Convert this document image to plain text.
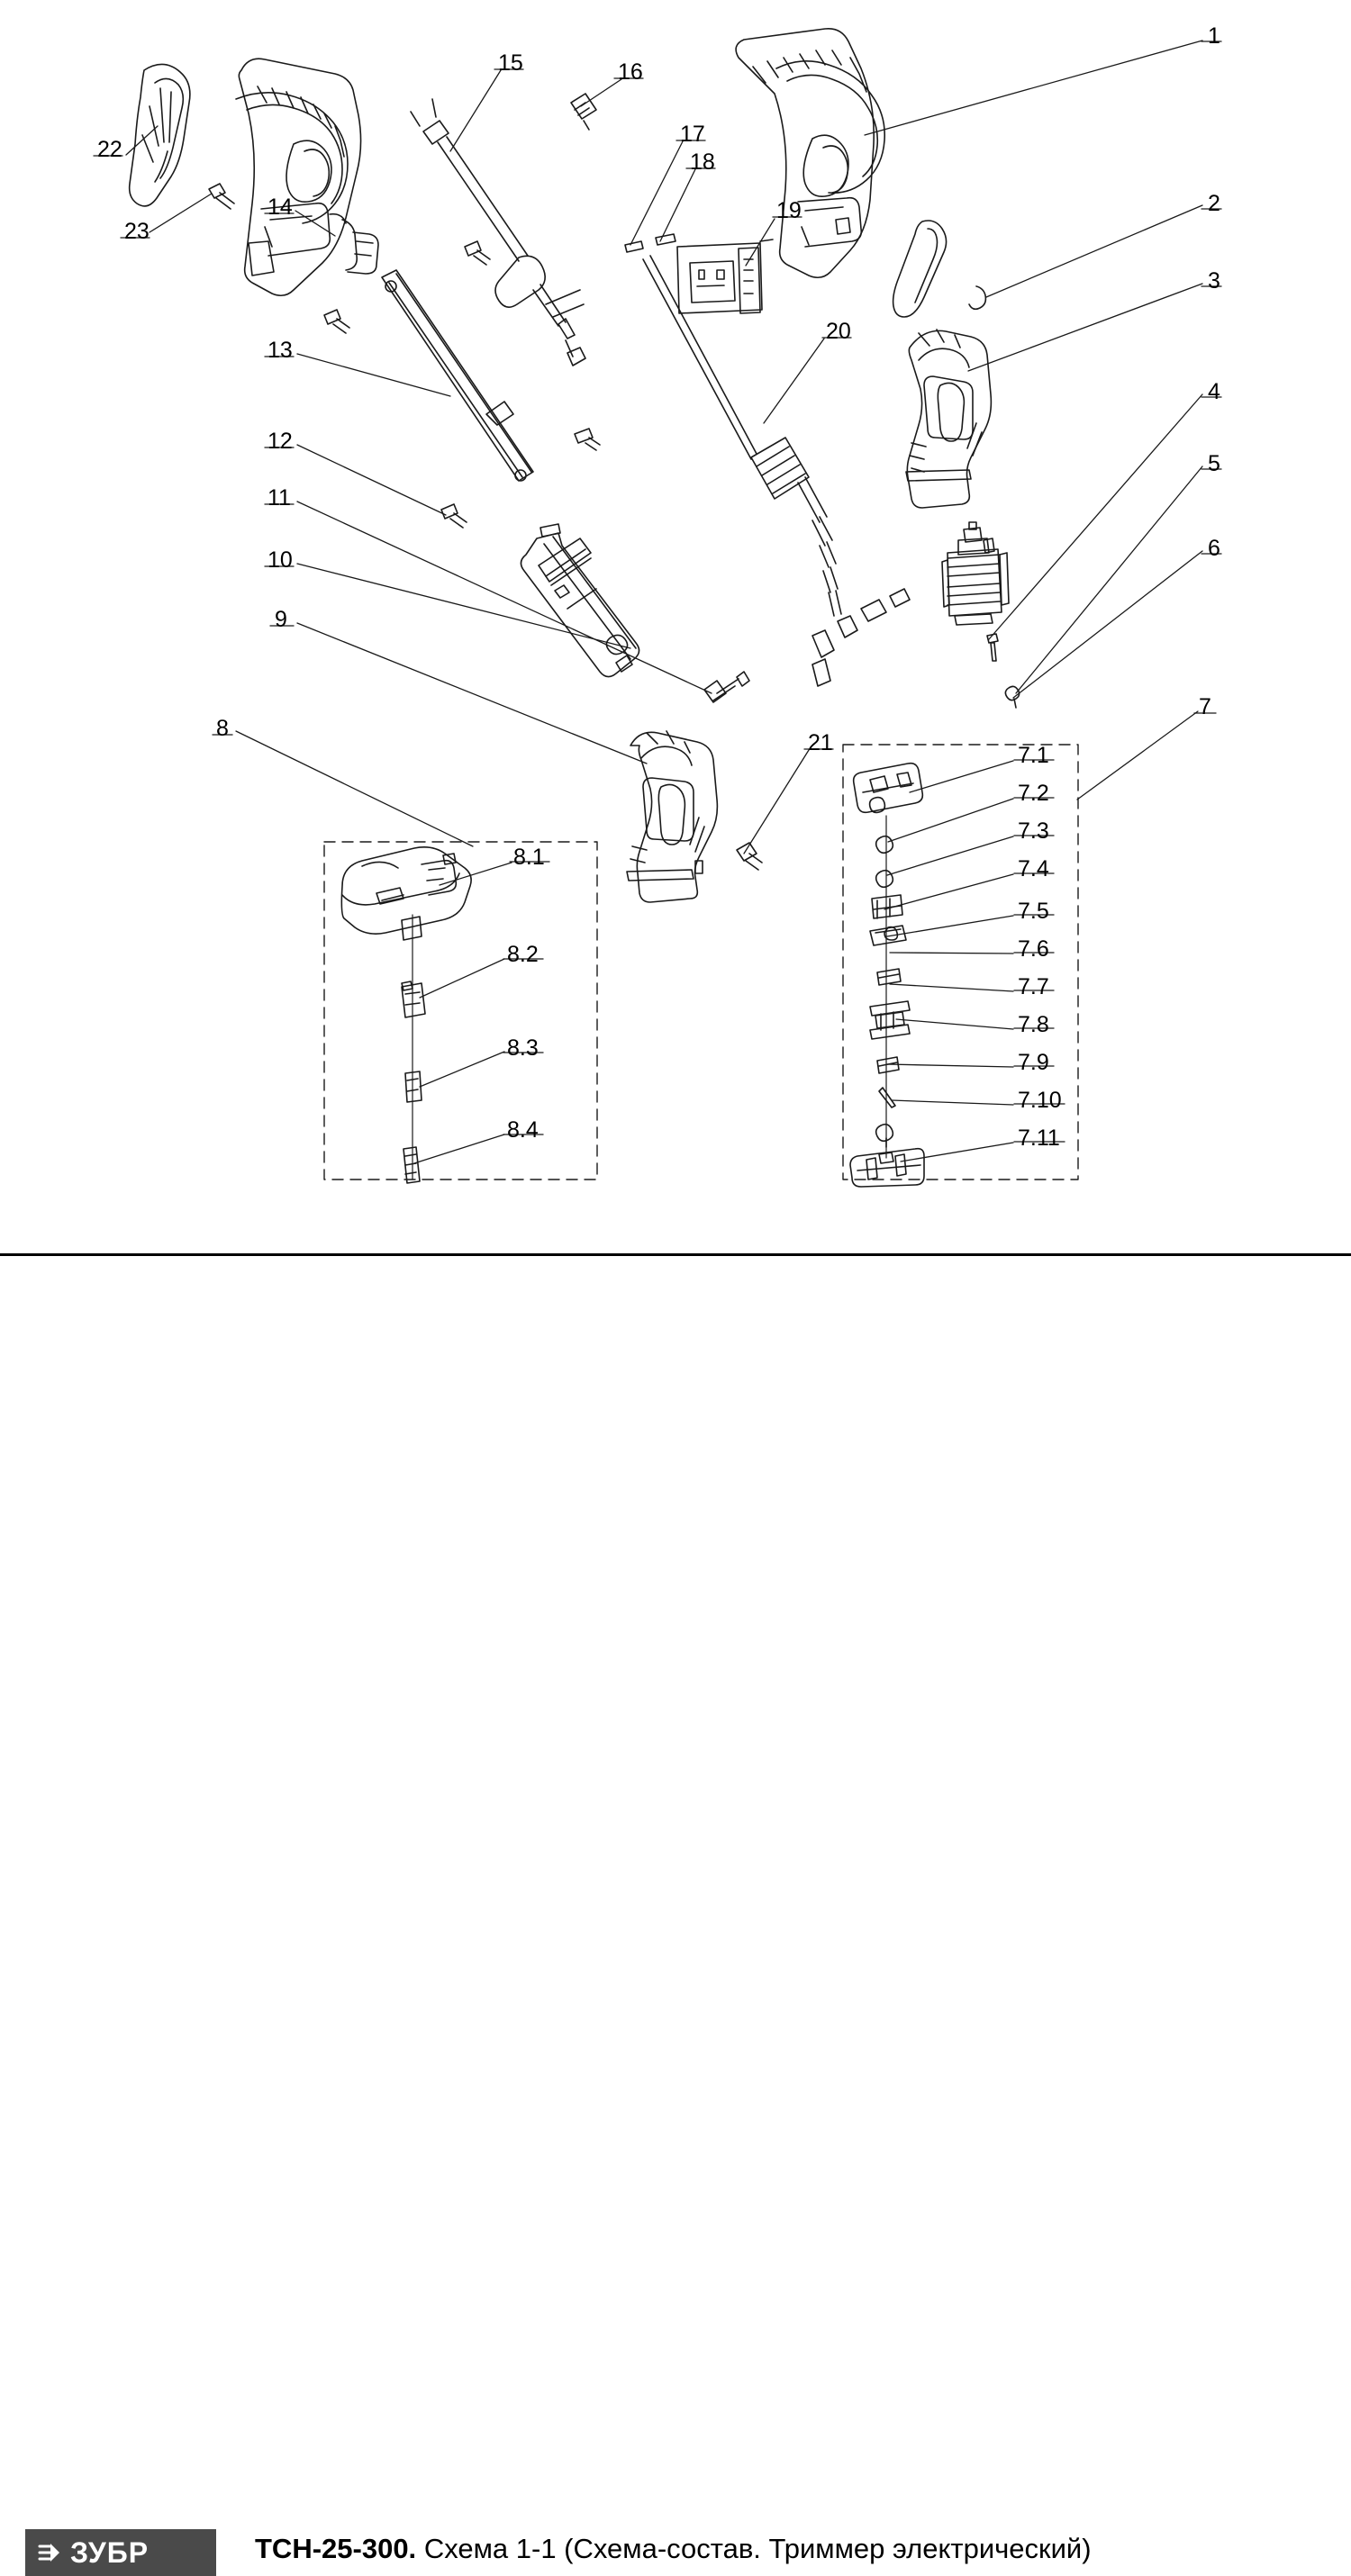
1
2
3
4
5
6
7
8
9
10
11
12
13
14
15	16
17
18
19
20
21
22
23
8.1
8.2
8.3
8.4
7.1
7.2
7.3
7.4
7.5
7.6
7.7
7.8
7.9
7.10
7.11
ЗУБР	TCH-25-300. Схема 1-1 (Схема-состав. Триммер электрический)
